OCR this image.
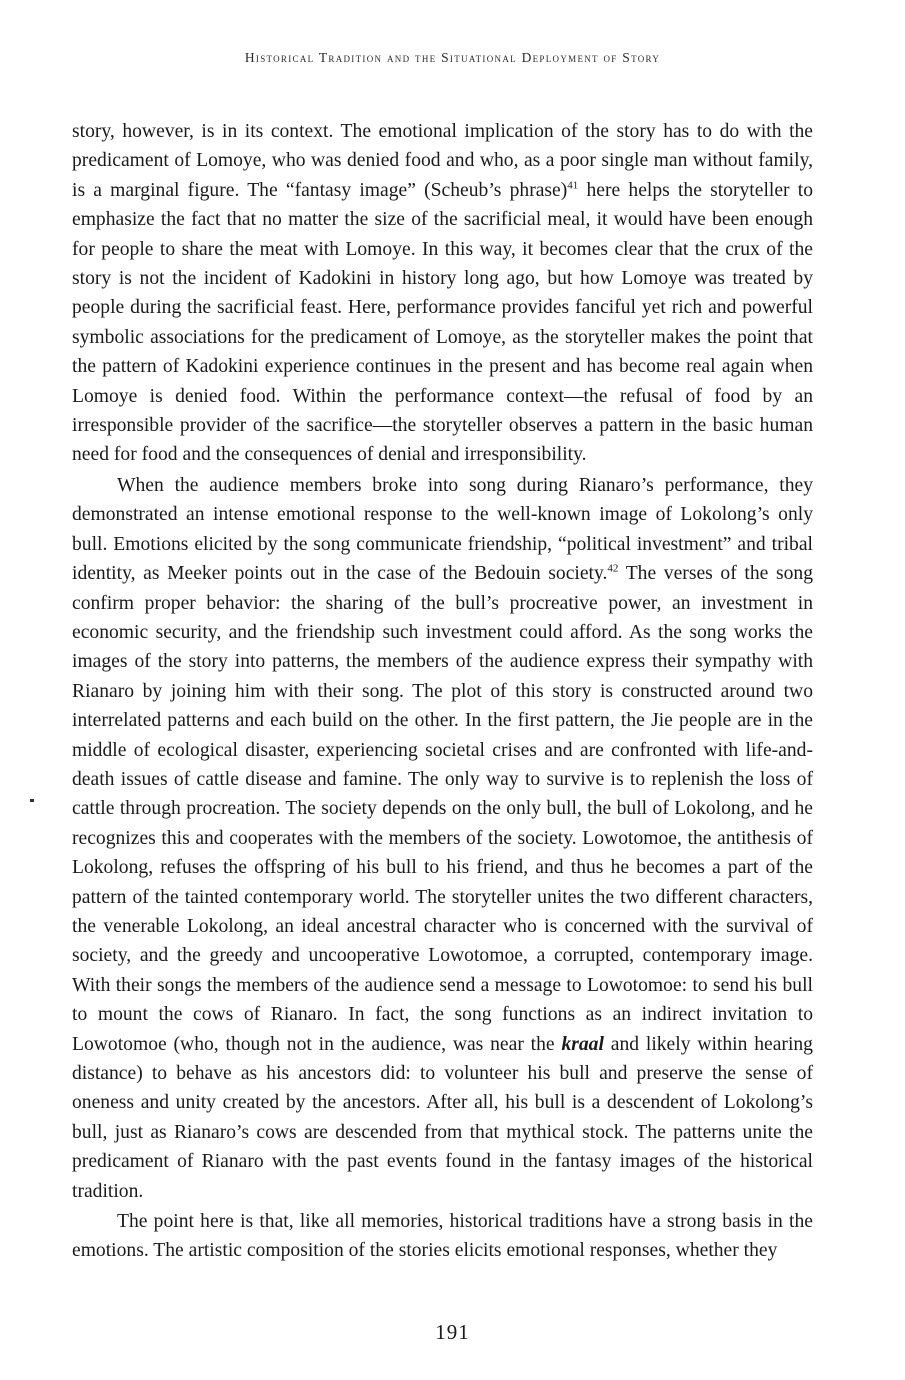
Historical Tradition and the Situational Deployment of Story

story, however, is in its context. The emotional implication of the story has to do with the predicament of Lomoye, who was denied food and who, as a poor single man without family, is a marginal figure. The “fantasy image” (Scheub’s phrase)$^{41}$ here helps the storyteller to emphasize the fact that no matter the size of the sacrificial meal, it would have been enough for people to share the meat with Lomoye. In this way, it becomes clear that the crux of the story is not the incident of Kadokini in history long ago, but how Lomoye was treated by people during the sacrificial feast. Here, performance provides fanciful yet rich and powerful symbolic associations for the predicament of Lomoye, as the storyteller makes the point that the pattern of Kadokini experience continues in the present and has become real again when Lomoye is denied food. Within the performance context—the refusal of food by an irresponsible provider of the sacrifice—the storyteller observes a pattern in the basic human need for food and the consequences of denial and irresponsibility.

When the audience members broke into song during Rianaro’s performance, they demonstrated an intense emotional response to the well-known image of Lokolong’s only bull. Emotions elicited by the song communicate friendship, “political investment” and tribal identity, as Meeker points out in the case of the Bedouin society.$^{42}$ The verses of the song confirm proper behavior: the sharing of the bull’s procreative power, an investment in economic security, and the friendship such investment could afford. As the song works the images of the story into patterns, the members of the audience express their sympathy with Rianaro by joining him with their song. The plot of this story is constructed around two interrelated patterns and each build on the other. In the first pattern, the Jie people are in the middle of ecological disaster, experiencing societal crises and are confronted with life-and-death issues of cattle disease and famine. The only way to survive is to replenish the loss of cattle through procreation. The society depends on the only bull, the bull of Lokolong, and he recognizes this and cooperates with the members of the society. Lowotomoe, the antithesis of Lokolong, refuses the offspring of his bull to his friend, and thus he becomes a part of the pattern of the tainted contemporary world. The storyteller unites the two different characters, the venerable Lokolong, an ideal ancestral character who is concerned with the survival of society, and the greedy and uncooperative Lowotomoe, a corrupted, contemporary image. With their songs the members of the audience send a message to Lowotomoe: to send his bull to mount the cows of Rianaro. In fact, the song functions as an indirect invitation to Lowotomoe (who, though not in the audience, was near the kraal and likely within hearing distance) to behave as his ancestors did: to volunteer his bull and preserve the sense of oneness and unity created by the ancestors. After all, his bull is a descendent of Lokolong’s bull, just as Rianaro’s cows are descended from that mythical stock. The patterns unite the predicament of Rianaro with the past events found in the fantasy images of the historical tradition.

The point here is that, like all memories, historical traditions have a strong basis in the emotions. The artistic composition of the stories elicits emotional responses, whether they

191
